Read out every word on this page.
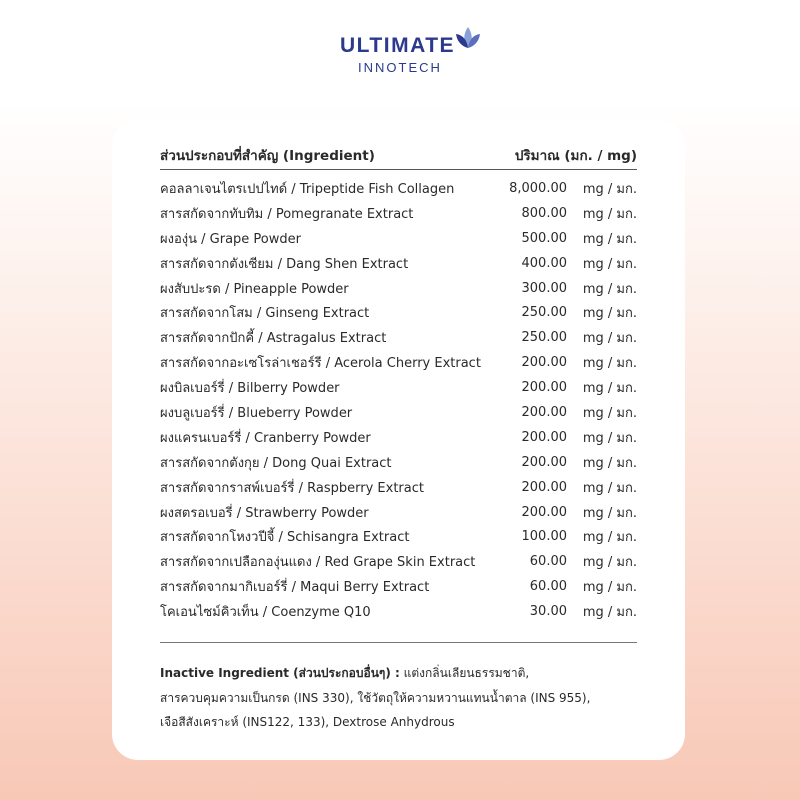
ULTIMATE
INNOTECH
ส่วนประกอบที่สำคัญ (Ingredient)	ปริมาณ (มก. / mg)
คอลลาเจนไตรเปปไทด์ / Tripeptide Fish Collagen	8,000.00	mg / มก.
สารสกัดจากทับทิม / Pomegranate Extract	800.00	mg / มก.
ผงองุ่น / Grape Powder	500.00	mg / มก.
สารสกัดจากตังเซียม / Dang Shen Extract	400.00	mg / มก.
ผงสับปะรด / Pineapple Powder	300.00	mg / มก.
สารสกัดจากโสม / Ginseng Extract	250.00	mg / มก.
สารสกัดจากปักคี้ / Astragalus Extract	250.00	mg / มก.
สารสกัดจากอะเซโรล่าเชอร์รี / Acerola Cherry Extract	200.00	mg / มก.
ผงบิลเบอร์รี่ / Bilberry Powder	200.00	mg / มก.
ผงบลูเบอร์รี่ / Blueberry Powder	200.00	mg / มก.
ผงแครนเบอร์รี่ / Cranberry Powder	200.00	mg / มก.
สารสกัดจากตังกุย / Dong Quai Extract	200.00	mg / มก.
สารสกัดจากราสพ์เบอร์รี่ / Raspberry Extract	200.00	mg / มก.
ผงสตรอเบอรี่ / Strawberry Powder	200.00	mg / มก.
สารสกัดจากโหงวปีจี้ / Schisangra Extract	100.00	mg / มก.
สารสกัดจากเปลือกองุ่นแดง / Red Grape Skin Extract	60.00	mg / มก.
สารสกัดจากมากิเบอร์รี่ / Maqui Berry Extract	60.00	mg / มก.
โคเอนไซม์คิวเท็น / Coenzyme Q10	30.00	mg / มก.
Inactive Ingredient (ส่วนประกอบอื่นๆ) : แต่งกลิ่นเลียนธรรมชาติ,
สารควบคุมความเป็นกรด (INS 330), ใช้วัตถุให้ความหวานแทนน้ำตาล (INS 955),
เจือสีสังเคราะห์ (INS122, 133), Dextrose Anhydrous
